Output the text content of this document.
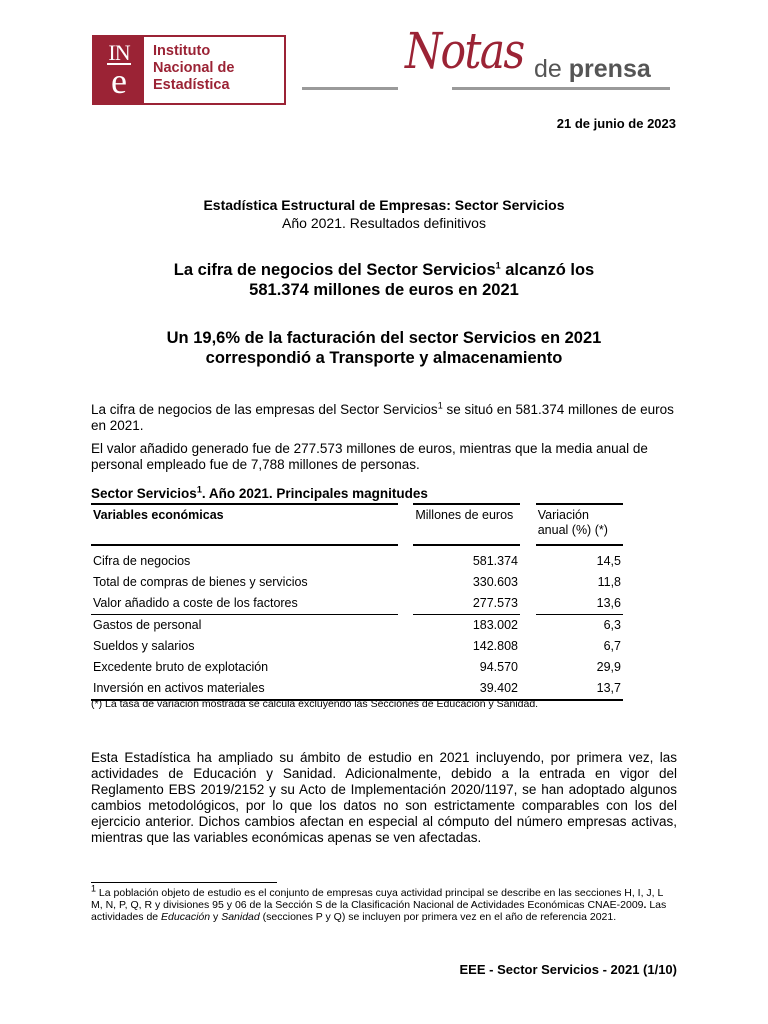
IN
e
Instituto
Nacional de
Estadística
Notas de prensa
21 de junio de 2023
Estadística Estructural de Empresas: Sector Servicios
Año 2021. Resultados definitivos
La cifra de negocios del Sector Servicios$^1$ alcanzó los
581.374 millones de euros en 2021
Un 19,6% de la facturación del sector Servicios en 2021
correspondió a Transporte y almacenamiento
La cifra de negocios de las empresas del Sector Servicios$^1$ se situó en 581.374 millones de euros en 2021.
El valor añadido generado fue de 277.573 millones de euros, mientras que la media anual de personal empleado fue de 7,788 millones de personas.
Sector Servicios$^1$. Año 2021. Principales magnitudes
Variables económicas		Millones de euros		Variación anual (%) (*)
Cifra de negocios		581.374		14,5
Total de compras de bienes y servicios		330.603		11,8
Valor añadido a coste de los factores		277.573		13,6
Gastos de personal		183.002		6,3
Sueldos y salarios		142.808		6,7
Excedente bruto de explotación		94.570		29,9
Inversión en activos materiales		39.402		13,7
(*) La tasa de variación mostrada se calcula excluyendo las Secciones de Educación y Sanidad.
Esta Estadística ha ampliado su ámbito de estudio en 2021 incluyendo, por primera vez, las actividades de Educación y Sanidad. Adicionalmente, debido a la entrada en vigor del Reglamento EBS 2019/2152 y su Acto de Implementación 2020/1197, se han adoptado algunos cambios metodológicos, por lo que los datos no son estrictamente comparables con los del ejercicio anterior. Dichos cambios afectan en especial al cómputo del número empresas activas, mientras que las variables económicas apenas se ven afectadas.
$^1$ La población objeto de estudio es el conjunto de empresas cuya actividad principal se describe en las secciones H, I, J, L M, N, P, Q, R y divisiones 95 y 06 de la Sección S de la Clasificación Nacional de Actividades Económicas CNAE-2009. Las actividades de Educación y Sanidad (secciones P y Q) se incluyen por primera vez en el año de referencia 2021.
EEE - Sector Servicios - 2021 (1/10)
